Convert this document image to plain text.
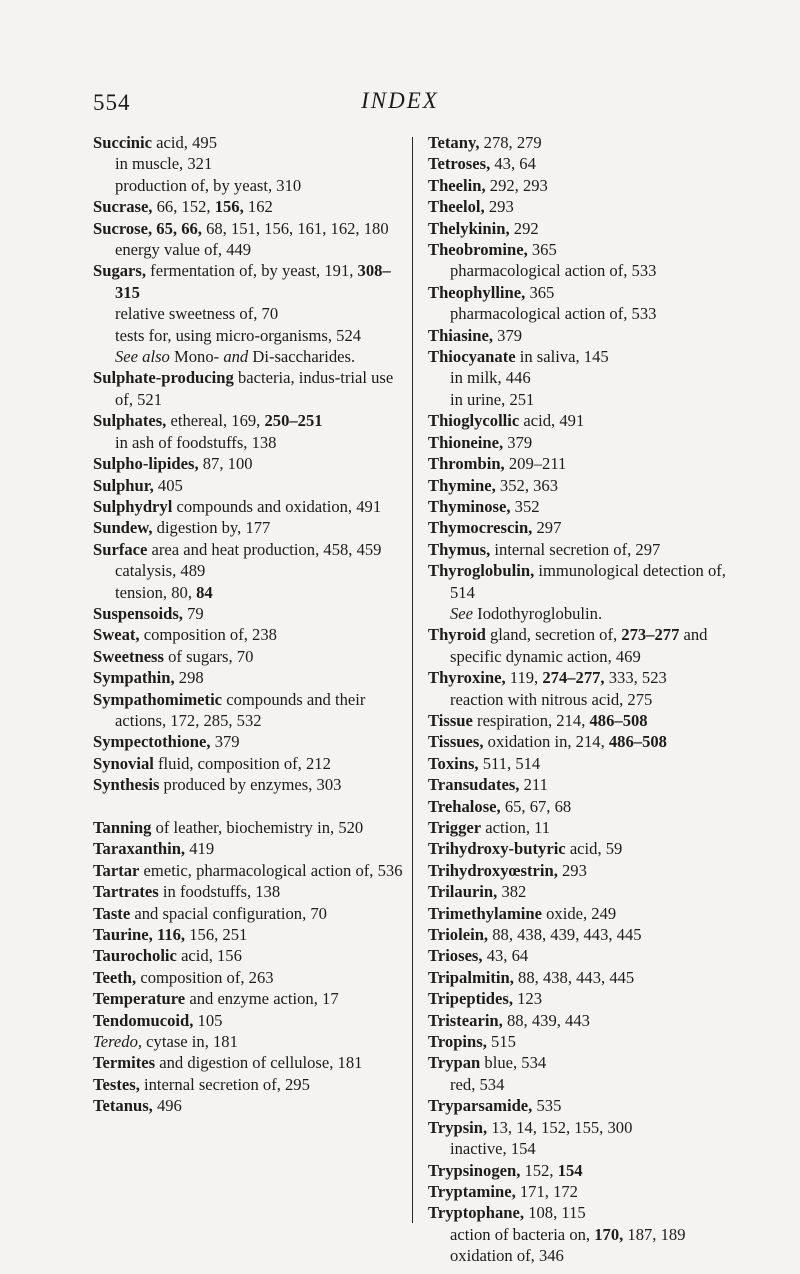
554	INDEX

Succinic acid, 495

in muscle, 321

production of, by yeast, 310

Sucrase, 66, 152, 156, 162

Sucrose, 65, 66, 68, 151, 156, 161, 162, 180

energy value of, 449

Sugars, fermentation of, by yeast, 191, 308–315

relative sweetness of, 70

tests for, using micro-organisms, 524

See also Mono- and Di-saccharides.

Sulphate-producing bacteria, indus-trial use of, 521

Sulphates, ethereal, 169, 250–251

in ash of foodstuffs, 138

Sulpho-lipides, 87, 100

Sulphur, 405

Sulphydryl compounds and oxidation, 491

Sundew, digestion by, 177

Surface area and heat production, 458, 459

catalysis, 489

tension, 80, 84

Suspensoids, 79

Sweat, composition of, 238

Sweetness of sugars, 70

Sympathin, 298

Sympathomimetic compounds and their actions, 172, 285, 532

Sympectothione, 379

Synovial fluid, composition of, 212

Synthesis produced by enzymes, 303

Tanning of leather, biochemistry in, 520

Taraxanthin, 419

Tartar emetic, pharmacological action of, 536

Tartrates in foodstuffs, 138

Taste and spacial configuration, 70

Taurine, 116, 156, 251

Taurocholic acid, 156

Teeth, composition of, 263

Temperature and enzyme action, 17

Tendomucoid, 105

Teredo, cytase in, 181

Termites and digestion of cellulose, 181

Testes, internal secretion of, 295

Tetanus, 496

Tetany, 278, 279

Tetroses, 43, 64

Theelin, 292, 293

Theelol, 293

Thelykinin, 292

Theobromine, 365

pharmacological action of, 533

Theophylline, 365

pharmacological action of, 533

Thiasine, 379

Thiocyanate in saliva, 145

in milk, 446

in urine, 251

Thioglycollic acid, 491

Thioneine, 379

Thrombin, 209–211

Thymine, 352, 363

Thyminose, 352

Thymocrescin, 297

Thymus, internal secretion of, 297

Thyroglobulin, immunological detection of, 514

See Iodothyroglobulin.

Thyroid gland, secretion of, 273–277 and specific dynamic action, 469

Thyroxine, 119, 274–277, 333, 523

reaction with nitrous acid, 275

Tissue respiration, 214, 486–508

Tissues, oxidation in, 214, 486–508

Toxins, 511, 514

Transudates, 211

Trehalose, 65, 67, 68

Trigger action, 11

Trihydroxy-butyric acid, 59

Trihydroxyœstrin, 293

Trilaurin, 382

Trimethylamine oxide, 249

Triolein, 88, 438, 439, 443, 445

Trioses, 43, 64

Tripalmitin, 88, 438, 443, 445

Tripeptides, 123

Tristearin, 88, 439, 443

Tropins, 515

Trypan blue, 534

red, 534

Tryparsamide, 535

Trypsin, 13, 14, 152, 155, 300

inactive, 154

Trypsinogen, 152, 154

Tryptamine, 171, 172

Tryptophane, 108, 115

action of bacteria on, 170, 187, 189

oxidation of, 346
